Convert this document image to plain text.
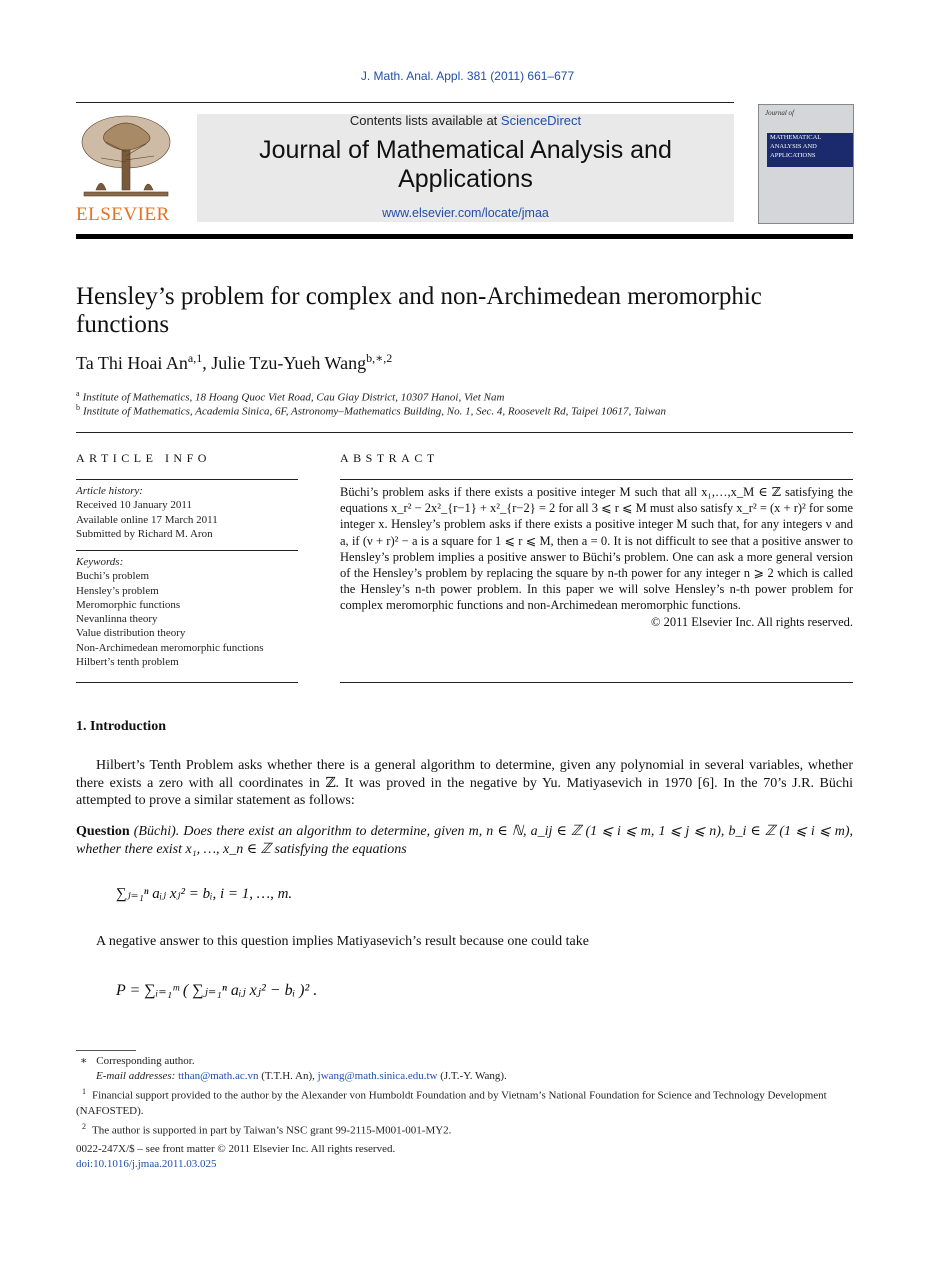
J. Math. Anal. Appl. 381 (2011) 661–677
ELSEVIER
Contents lists available at ScienceDirect
Journal of Mathematical Analysis and
Applications
www.elsevier.com/locate/jmaa
Journal of
MATHEMATICAL
ANALYSIS AND
APPLICATIONS
Hensley’s problem for complex and non-Archimedean meromorphic
functions
Ta Thi Hoai An$^{a,1}$, Julie Tzu-Yueh Wang$^{b,∗,2}$
$^a$ Institute of Mathematics, 18 Hoang Quoc Viet Road, Cau Giay District, 10307 Hanoi, Viet Nam
$^b$ Institute of Mathematics, Academia Sinica, 6F, Astronomy–Mathematics Building, No. 1, Sec. 4, Roosevelt Rd, Taipei 10617, Taiwan
ARTICLE INFO
Article history:
Received 10 January 2011
Available online 17 March 2011
Submitted by Richard M. Aron
Keywords:
Buchi’s problem
Hensley’s problem
Meromorphic functions
Nevanlinna theory
Value distribution theory
Non-Archimedean meromorphic functions
Hilbert’s tenth problem
ABSTRACT
Büchi’s problem asks if there exists a positive integer M such that all x₁,…,x_M ∈ ℤ satisfying the equations x_r² − 2x²_{r−1} + x²_{r−2} = 2 for all 3 ⩽ r ⩽ M must also satisfy x_r² = (x + r)² for some integer x. Hensley’s problem asks if there exists a positive integer M such that, for any integers ν and a, if (ν + r)² − a is a square for 1 ⩽ r ⩽ M, then a = 0. It is not difficult to see that a positive answer to Hensley’s problem implies a positive answer to Büchi’s problem. One can ask a more general version of the Hensley’s problem by replacing the square by n-th power for any integer n ⩾ 2 which is called the Hensley’s n-th power problem. In this paper we will solve Hensley’s n-th power problem for complex meromorphic functions and non-Archimedean meromorphic functions.
© 2011 Elsevier Inc. All rights reserved.
1. Introduction
Hilbert’s Tenth Problem asks whether there is a general algorithm to determine, given any polynomial in several variables, whether there exists a zero with all coordinates in ℤ. It was proved in the negative by Yu. Matiyasevich in 1970 [6]. In the 70’s J.R. Büchi attempted to prove a similar statement as follows:
Question (Büchi). Does there exist an algorithm to determine, given m, n ∈ ℕ, a_ij ∈ ℤ (1 ⩽ i ⩽ m, 1 ⩽ j ⩽ n), b_i ∈ ℤ (1 ⩽ i ⩽ m), whether there exist x₁, …, x_n ∈ ℤ satisfying the equations
∑ⱼ₌₁ⁿ aᵢⱼ xⱼ² = bᵢ, i = 1, …, m.
A negative answer to this question implies Matiyasevich’s result because one could take
P = ∑ᵢ₌₁ᵐ ( ∑ⱼ₌₁ⁿ aᵢⱼ xⱼ² − bᵢ )² .
∗ Corresponding author.
E-mail addresses: tthan@math.ac.vn (T.T.H. An), jwang@math.sinica.edu.tw (J.T.-Y. Wang).
$^1$ Financial support provided to the author by the Alexander von Humboldt Foundation and by Vietnam’s National Foundation for Science and Technology Development (NAFOSTED).
$^2$ The author is supported in part by Taiwan’s NSC grant 99-2115-M001-001-MY2.
0022-247X/$ – see front matter © 2011 Elsevier Inc. All rights reserved.
doi:10.1016/j.jmaa.2011.03.025
